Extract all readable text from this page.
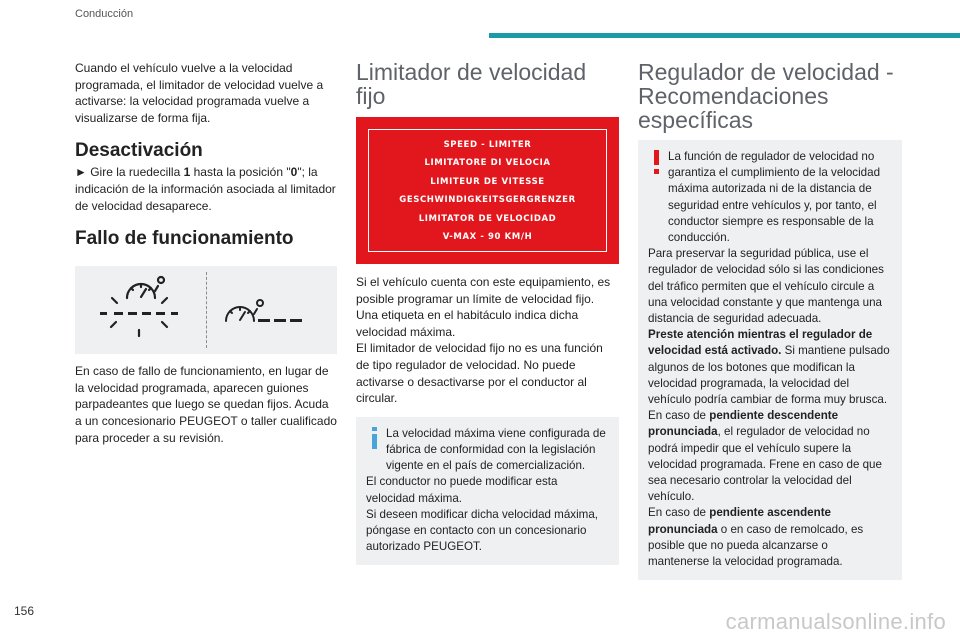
Conducción

Cuando el vehículo vuelve a la velocidad programada, el limitador de velocidad vuelve a activarse: la velocidad programada vuelve a visualizarse de forma fija.

Desactivación

► Gire la ruedecilla 1 hasta la posición "0"; la indicación de la información asociada al limitador de velocidad desaparece.

Fallo de funcionamiento

En caso de fallo de funcionamiento, en lugar de la velocidad programada, aparecen guiones parpadeantes que luego se quedan fijos. Acuda a un concesionario PEUGEOT o taller cualificado para proceder a su revisión.

Limitador de velocidad fijo
SPEED - LIMITER
LIMITATORE DI VELOCIA
LIMITEUR DE VITESSE
GESCHWINDIGKEITSGERGRENZER
LIMITATOR DE VELOCIDAD
V-MAX - 90 KM/H

Si el vehículo cuenta con este equipamiento, es posible programar un límite de velocidad fijo. Una etiqueta en el habitáculo indica dicha velocidad máxima.

El limitador de velocidad fijo no es una función de tipo regulador de velocidad. No puede activarse o desactivarse por el conductor al circular.

La velocidad máxima viene configurada de fábrica de conformidad con la legislación vigente en el país de comercialización.

El conductor no puede modificar esta velocidad máxima.

Si deseen modificar dicha velocidad máxima, póngase en contacto con un concesionario autorizado PEUGEOT.

Regulador de velocidad - Recomendaciones específicas

La función de regulador de velocidad no garantiza el cumplimiento de la velocidad máxima autorizada ni de la distancia de seguridad entre vehículos y, por tanto, el conductor siempre es responsable de la conducción.

Para preservar la seguridad pública, use el regulador de velocidad sólo si las condiciones del tráfico permiten que el vehículo circule a una velocidad constante y que mantenga una distancia de seguridad adecuada.

Preste atención mientras el regulador de velocidad está activado. Si mantiene pulsado algunos de los botones que modifican la velocidad programada, la velocidad del vehículo podría cambiar de forma muy brusca.

En caso de pendiente descendente pronunciada, el regulador de velocidad no podrá impedir que el vehículo supere la velocidad programada. Frene en caso de que sea necesario controlar la velocidad del vehículo.

En caso de pendiente ascendente pronunciada o en caso de remolcado, es posible que no pueda alcanzarse o mantenerse la velocidad programada.

156	carmanualsonline.info
